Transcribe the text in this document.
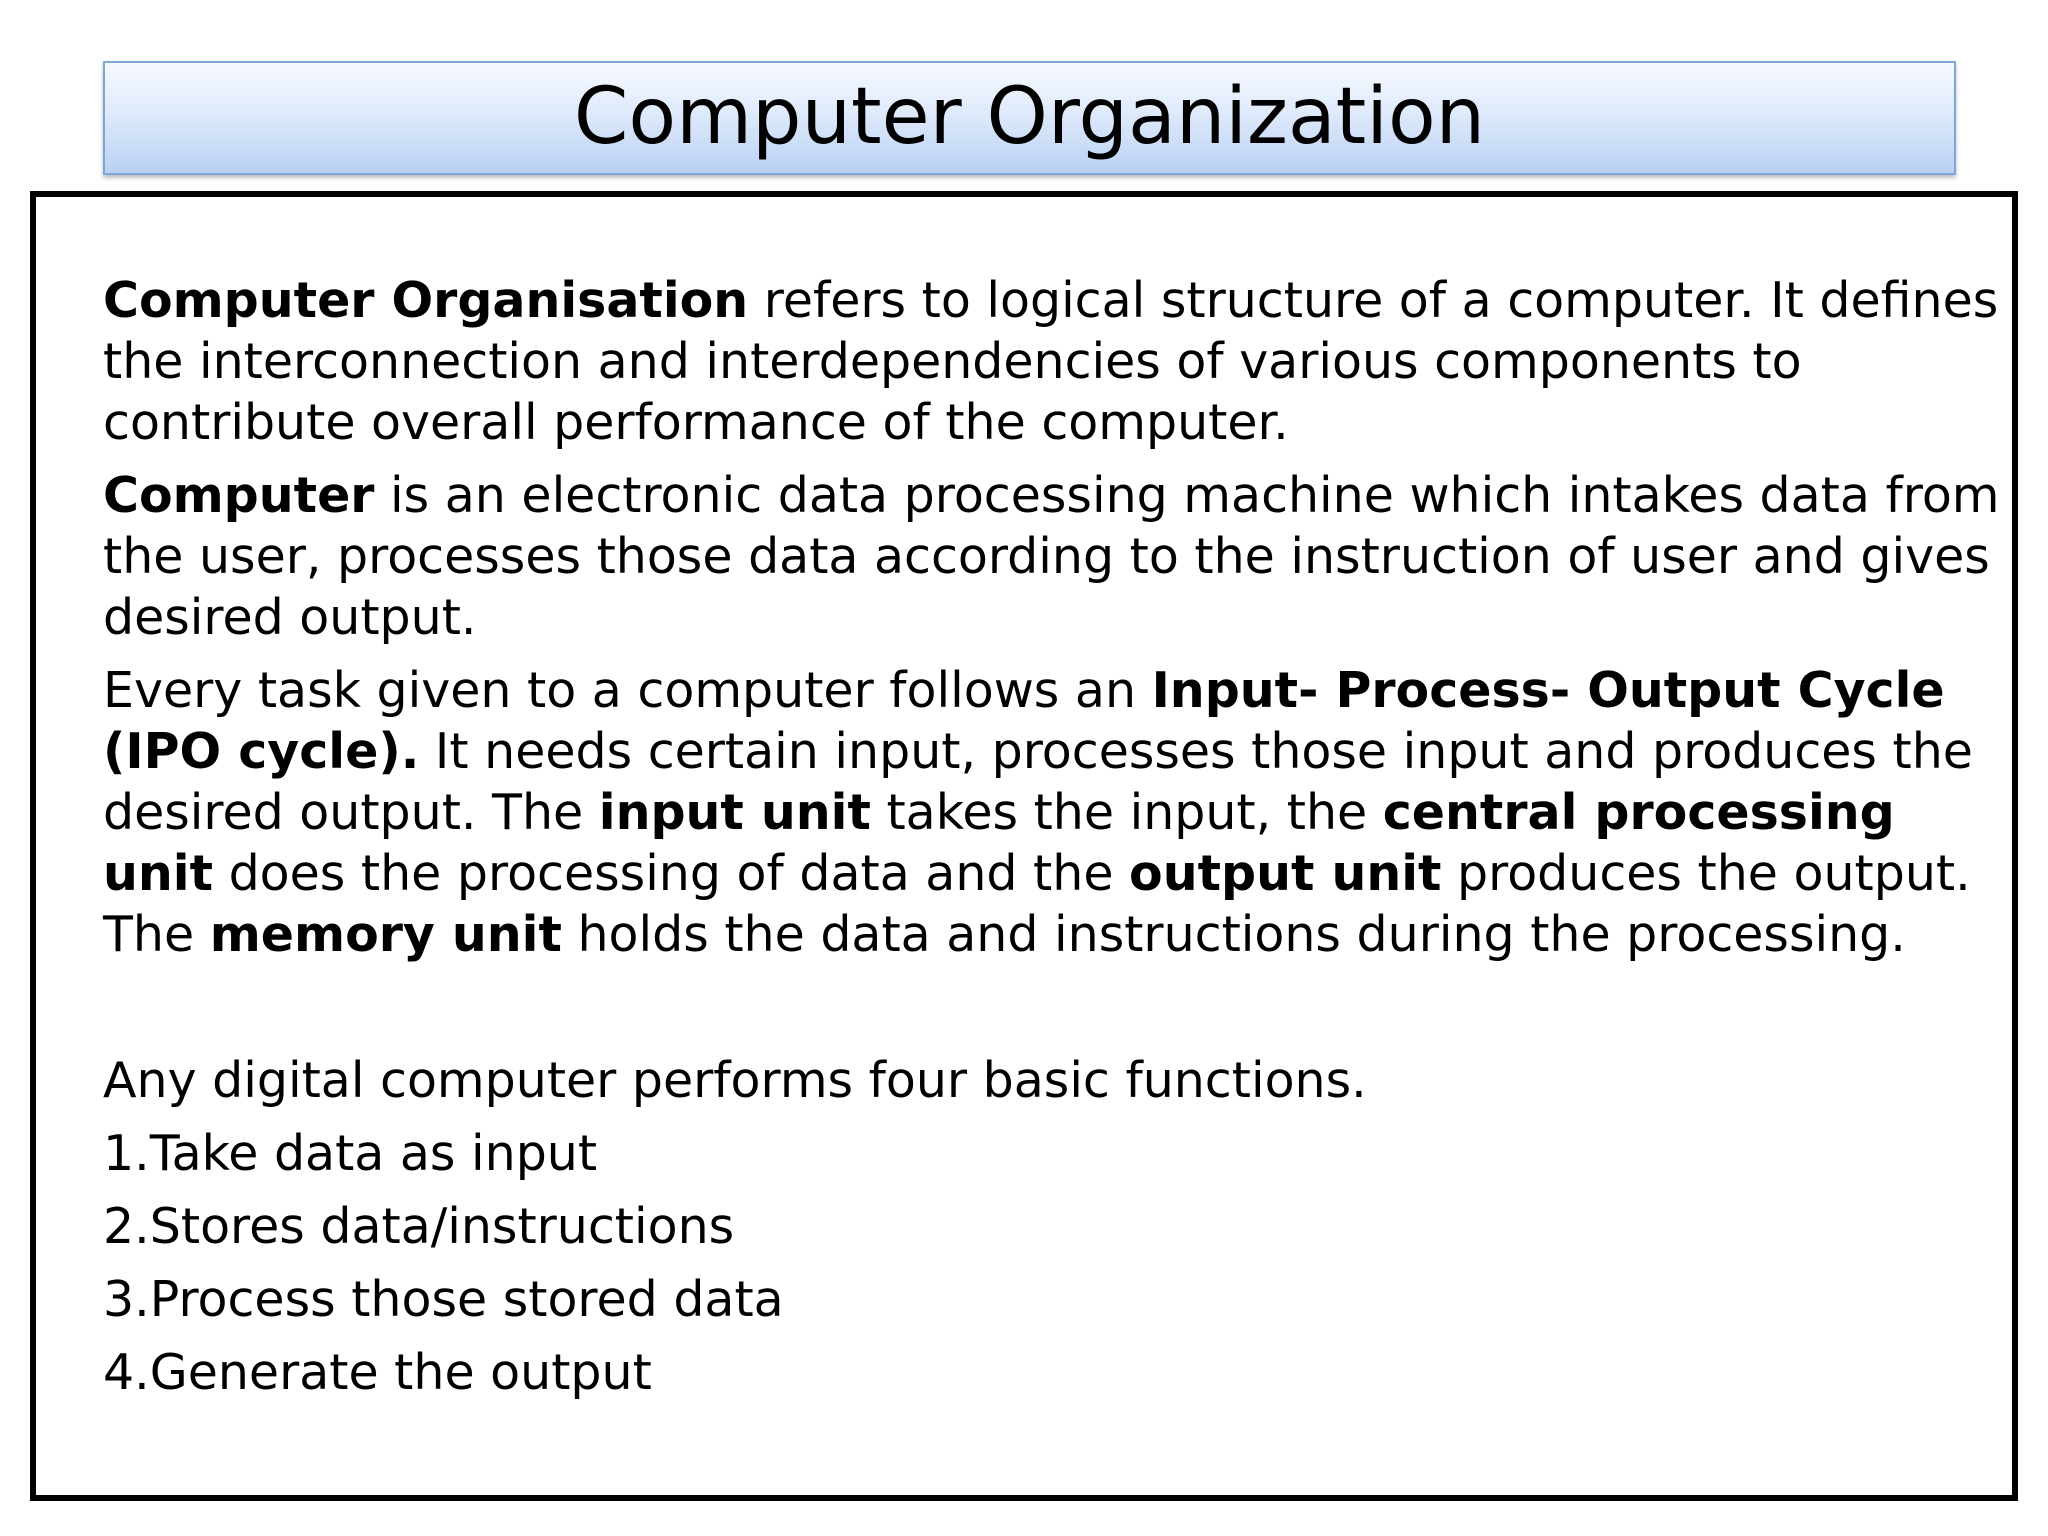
Computer Organization

Computer Organisation refers to logical structure of a computer. It defines the interconnection and interdependencies of various components to contribute overall performance of the computer.

Computer is an electronic data processing machine which intakes data from the user, processes those data according to the instruction of user and gives desired output.

Every task given to a computer follows an Input- Process- Output Cycle (IPO cycle). It needs certain input, processes those input and produces the desired output. The input unit takes the input, the central processing unit does the processing of data and the output unit produces the output. The memory unit holds the data and instructions during the processing.

Any digital computer performs four basic functions.

1.Take data as input
2.Stores data/instructions
3.Process those stored data
4.Generate the output
